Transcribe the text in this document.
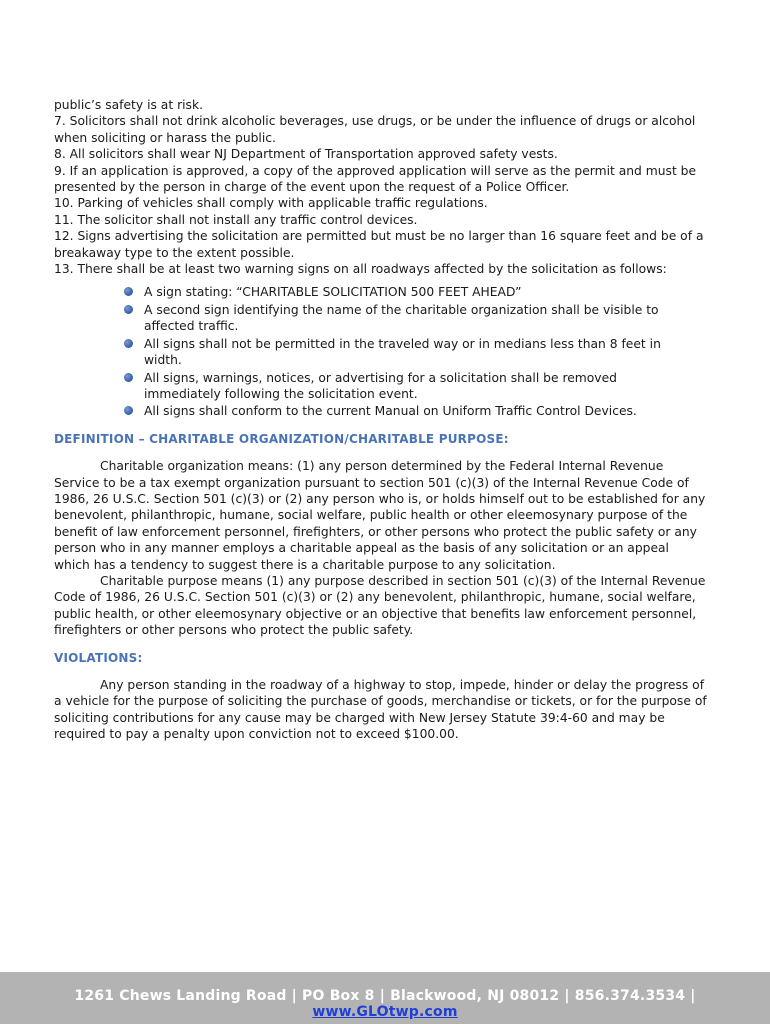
public’s safety is at risk.

7. Solicitors shall not drink alcoholic beverages, use drugs, or be under the influence of drugs or alcohol when soliciting or harass the public.

8. All solicitors shall wear NJ Department of Transportation approved safety vests.

9. If an application is approved, a copy of the approved application will serve as the permit and must be presented by the person in charge of the event upon the request of a Police Officer.

10. Parking of vehicles shall comply with applicable traffic regulations.

11. The solicitor shall not install any traffic control devices.

12. Signs advertising the solicitation are permitted but must be no larger than 16 square feet and be of a breakaway type to the extent possible.

13. There shall be at least two warning signs on all roadways affected by the solicitation as follows:

A sign stating: “CHARITABLE SOLICITATION 500 FEET AHEAD”
A second sign identifying the name of the charitable organization shall be visible to affected traffic.
All signs shall not be permitted in the traveled way or in medians less than 8 feet in width.
All signs, warnings, notices, or advertising for a solicitation shall be removed immediately following the solicitation event.
All signs shall conform to the current Manual on Uniform Traffic Control Devices.
DEFINITION – CHARITABLE ORGANIZATION/CHARITABLE PURPOSE:

Charitable organization means: (1) any person determined by the Federal Internal Revenue Service to be a tax exempt organization pursuant to section 501 (c)(3) of the Internal Revenue Code of 1986, 26 U.S.C. Section 501 (c)(3) or (2) any person who is, or holds himself out to be established for any benevolent, philanthropic, humane, social welfare, public health or other eleemosynary purpose of the benefit of law enforcement personnel, firefighters, or other persons who protect the public safety or any person who in any manner employs a charitable appeal as the basis of any solicitation or an appeal which has a tendency to suggest there is a charitable purpose to any solicitation.

Charitable purpose means (1) any purpose described in section 501 (c)(3) of the Internal Revenue Code of 1986, 26 U.S.C. Section 501 (c)(3) or (2) any benevolent, philanthropic, humane, social welfare, public health, or other eleemosynary objective or an objective that benefits law enforcement personnel, firefighters or other persons who protect the public safety.

VIOLATIONS:

Any person standing in the roadway of a highway to stop, impede, hinder or delay the progress of a vehicle for the purpose of soliciting the purchase of goods, merchandise or tickets, or for the purpose of soliciting contributions for any cause may be charged with New Jersey Statute 39:4-60 and may be required to pay a penalty upon conviction not to exceed $100.00.

1261 Chews Landing Road | PO Box 8 | Blackwood, NJ 08012 | 856.374.3534 | www.GLOtwp.com
